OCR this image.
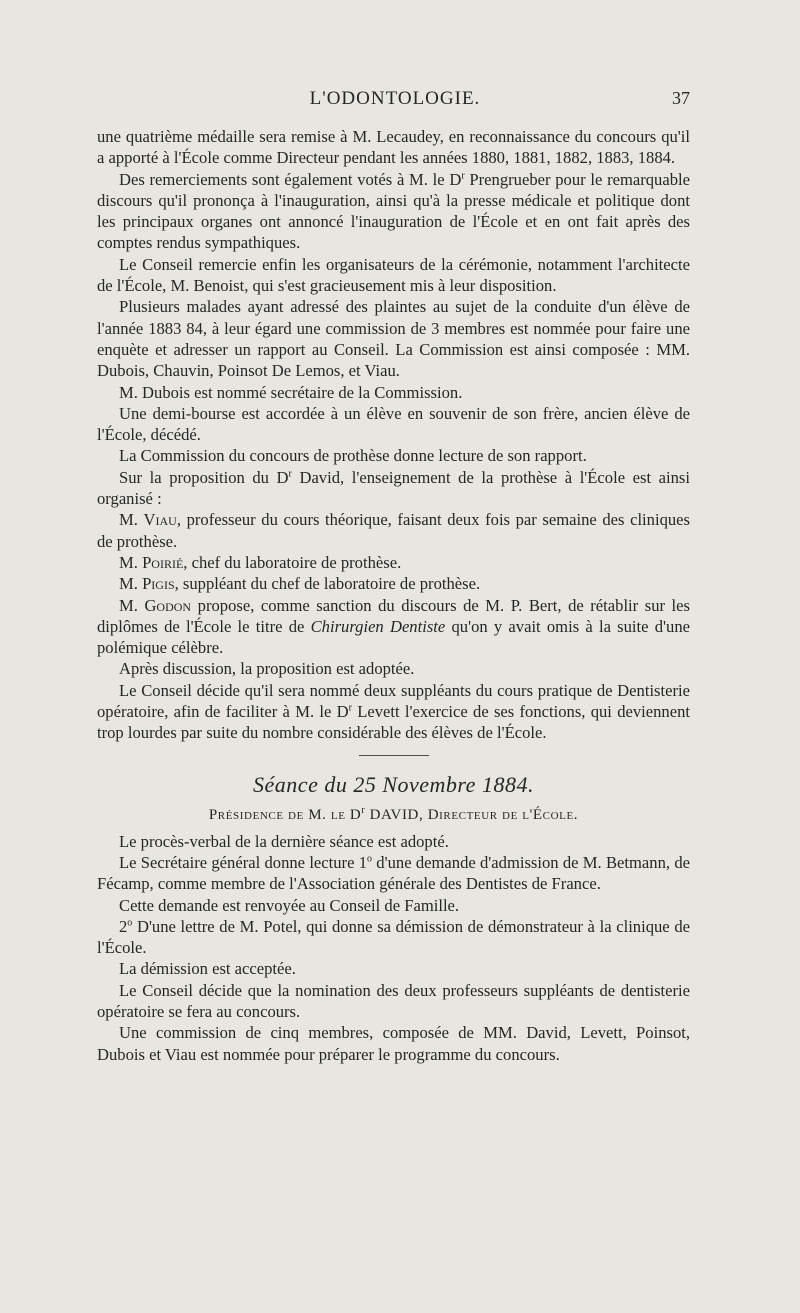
L'ODONTOLOGIE.	37

une quatrième médaille sera remise à M. Lecaudey, en reconnaissance du concours qu'il a apporté à l'École comme Directeur pendant les années 1880, 1881, 1882, 1883, 1884.

Des remerciements sont également votés à M. le $D^r$ Prengrueber pour le remarquable discours qu'il prononça à l'inauguration, ainsi qu'à la presse médicale et politique dont les principaux organes ont annoncé l'inauguration de l'École et en ont fait après des comptes rendus sympathiques.

Le Conseil remercie enfin les organisateurs de la cérémonie, notamment l'architecte de l'École, M. Benoist, qui s'est gracieusement mis à leur disposition.

Plusieurs malades ayant adressé des plaintes au sujet de la conduite d'un élève de l'année 1883 84, à leur égard une commission de 3 membres est nommée pour faire une enquète et adresser un rapport au Conseil. La Commission est ainsi composée : MM. Dubois, Chauvin, Poinsot De Lemos, et Viau.

M. Dubois est nommé secrétaire de la Commission.

Une demi-bourse est accordée à un élève en souvenir de son frère, ancien élève de l'École, décédé.

La Commission du concours de prothèse donne lecture de son rapport.

Sur la proposition du $D^r$ David, l'enseignement de la prothèse à l'École est ainsi organisé :

M. Viau, professeur du cours théorique, faisant deux fois par semaine des cliniques de prothèse.

M. Poirié, chef du laboratoire de prothèse.

M. Pigis, suppléant du chef de laboratoire de prothèse.

M. Godon propose, comme sanction du discours de M. P. Bert, de rétablir sur les diplômes de l'École le titre de Chirurgien Dentiste qu'on y avait omis à la suite d'une polémique célèbre.

Après discussion, la proposition est adoptée.

Le Conseil décide qu'il sera nommé deux suppléants du cours pratique de Dentisterie opératoire, afin de faciliter à M. le $D^r$ Levett l'exercice de ses fonctions, qui deviennent trop lourdes par suite du nombre considérable des élèves de l'École.

Séance du 25 Novembre 1884.
Présidence de M. le $D^r$ DAVID, Directeur de l'École.

Le procès-verbal de la dernière séance est adopté.

Le Secrétaire général donne lecture 1$^o$ d'une demande d'admission de M. Betmann, de Fécamp, comme membre de l'Association générale des Dentistes de France.

Cette demande est renvoyée au Conseil de Famille.

2$^o$ D'une lettre de M. Potel, qui donne sa démission de démonstrateur à la clinique de l'École.

La démission est acceptée.

Le Conseil décide que la nomination des deux professeurs suppléants de dentisterie opératoire se fera au concours.

Une commission de cinq membres, composée de MM. David, Levett, Poinsot, Dubois et Viau est nommée pour préparer le programme du concours.
